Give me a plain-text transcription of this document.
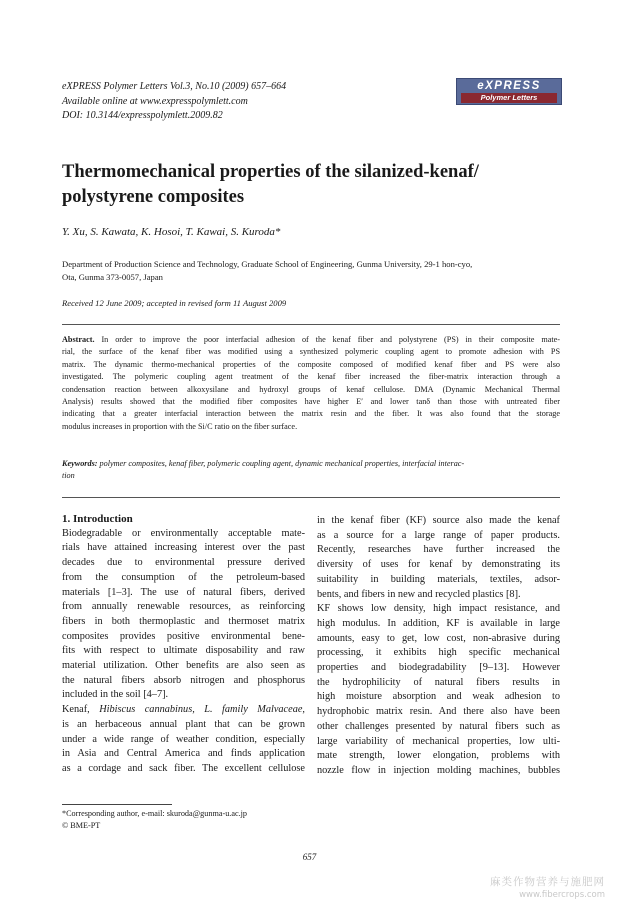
eXPRESS Polymer Letters Vol.3, No.10 (2009) 657–664
Available online at www.expresspolymlett.com
DOI: 10.3144/expresspolymlett.2009.82
eXPRESS
Polymer Letters
Thermomechanical properties of the silanized-kenaf/
polystyrene composites
Y. Xu, S. Kawata, K. Hosoi, T. Kawai, S. Kuroda*
Department of Production Science and Technology, Graduate School of Engineering, Gunma University, 29-1 hon-cyo,
Ota, Gunma 373-0057, Japan
Received 12 June 2009; accepted in revised form 11 August 2009
Abstract. In order to improve the poor interfacial adhesion of the kenaf fiber and polystyrene (PS) in their composite mate-
rial, the surface of the kenaf fiber was modified using a synthesized polymeric coupling agent to promote adhesion with PS
matrix. The dynamic thermo-mechanical properties of the composite composed of modified kenaf fiber and PS were also
investigated. The polymeric coupling agent treatment of the kenaf fiber increased the fiber-matrix interaction through a
condensation reaction between alkoxysilane and hydroxyl groups of kenaf cellulose. DMA (Dynamic Mechanical Thermal
Analysis) results showed that the modified fiber composites have higher E′ and lower tanδ than those with untreated fiber
indicating that a greater interfacial interaction between the matrix resin and the fiber. It was also found that the storage
modulus increases in proportion with the Si/C ratio on the fiber surface.
Keywords: polymer composites, kenaf fiber, polymeric coupling agent, dynamic mechanical properties, interfacial interac-
tion
1. Introduction
Biodegradable or environmentally acceptable mate-
rials have attained increasing interest over the past
decades due to environmental pressure derived
from the consumption of the petroleum-based
materials [1–3]. The use of natural fibers, derived
from annually renewable resources, as reinforcing
fibers in both thermoplastic and thermoset matrix
composites provides positive environmental bene-
fits with respect to ultimate disposability and raw
material utilization. Other benefits are also seen as
the natural fibers absorb nitrogen and phosphorus
included in the soil [4–7].
Kenaf, Hibiscus cannabinus, L. family Malvaceae,
is an herbaceous annual plant that can be grown
under a wide range of weather condition, especially
in Asia and Central America and finds application
as a cordage and sack fiber. The excellent cellulose
in the kenaf fiber (KF) source also made the kenaf
as a source for a large range of paper products.
Recently, researches have further increased the
diversity of uses for kenaf by demonstrating its
suitability in building materials, textiles, adsor-
bents, and fibers in new and recycled plastics [8].
KF shows low density, high impact resistance, and
high modulus. In addition, KF is available in large
amounts, easy to get, low cost, non-abrasive during
processing, it exhibits high specific mechanical
properties and biodegradability [9–13]. However
the hydrophilicity of natural fibers results in
high moisture absorption and weak adhesion to
hydrophobic matrix resin. And there also have been
other challenges presented by natural fibers such as
large variability of mechanical properties, low ulti-
mate strength, lower elongation, problems with
nozzle flow in injection molding machines, bubbles
*Corresponding author, e-mail: skuroda@gunma-u.ac.jp
© BME-PT
657
麻类作物营养与施肥网
www.fibercrops.com
